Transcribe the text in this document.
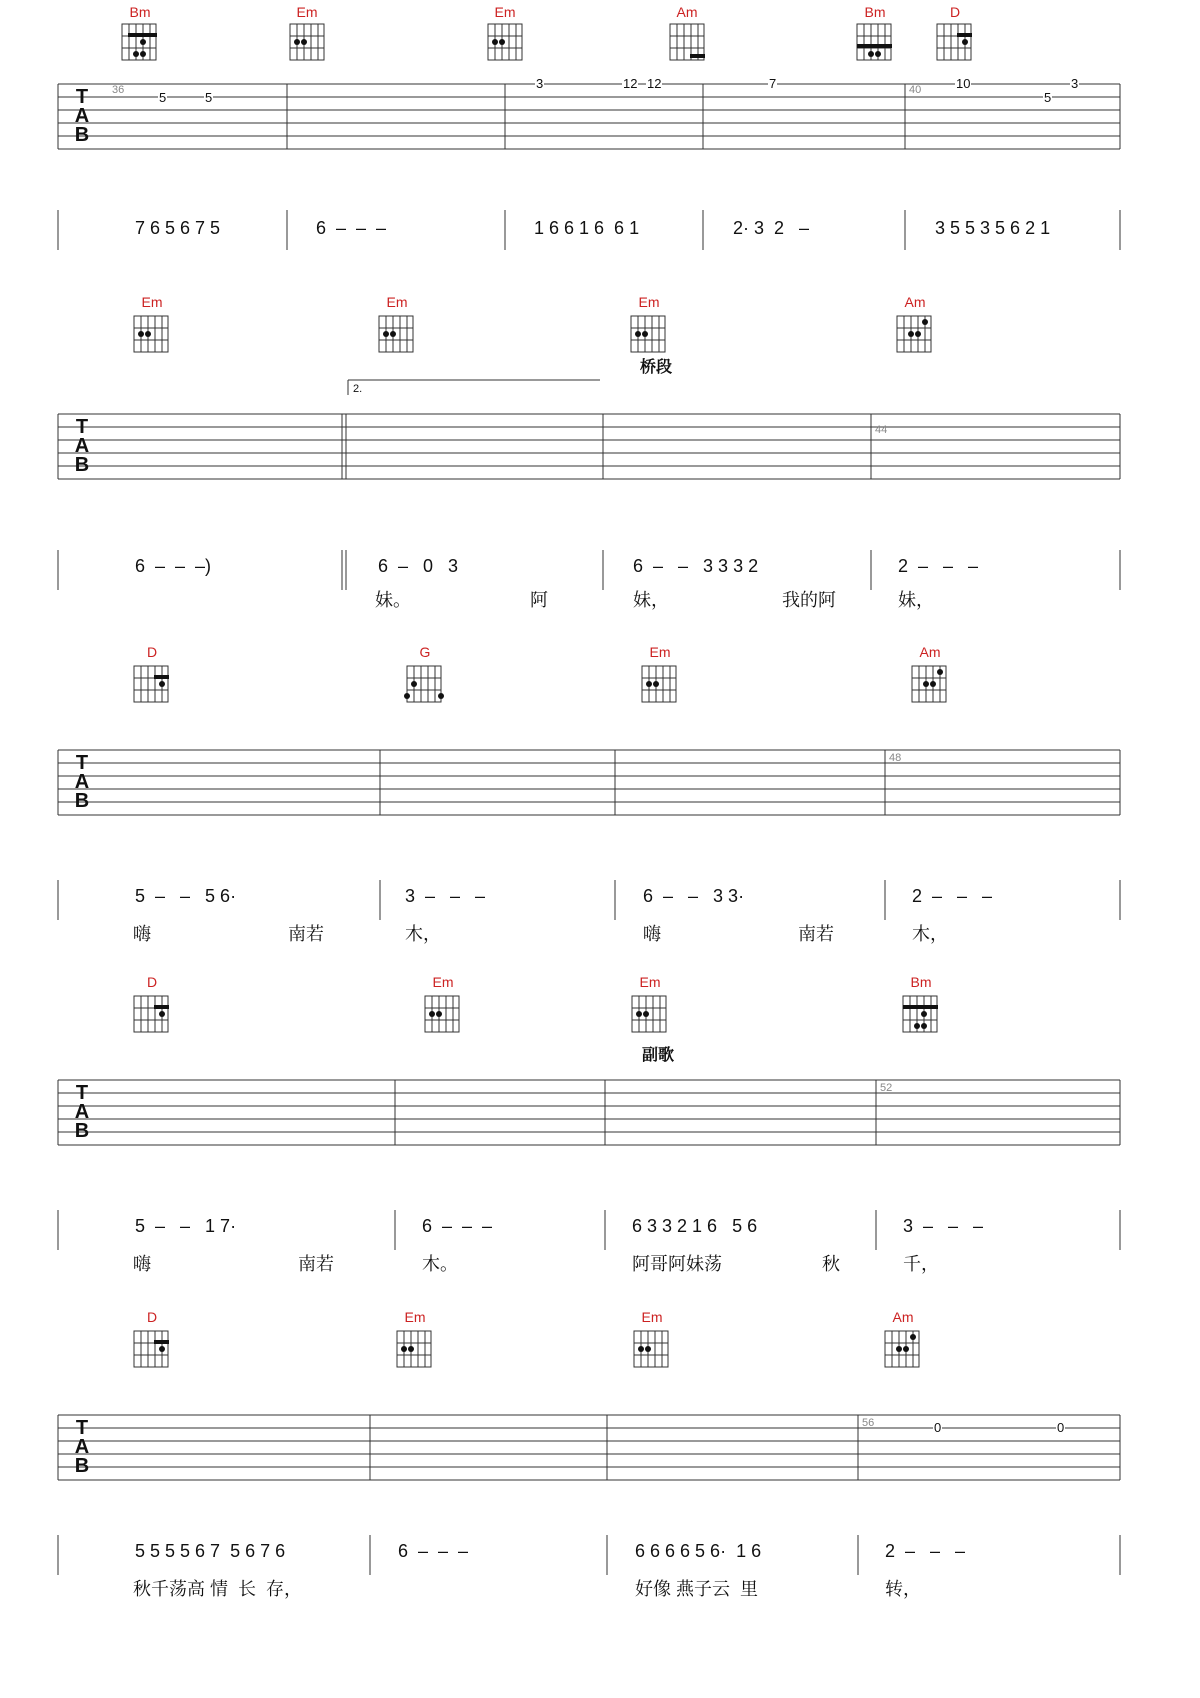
Bm	Em	Em	Am	Bm	D
T
A
B
36	40
5	5
3	12 12	7	10
5
3
7 6 5 6 7 5	6  –  –  –	1 6 6 1 6  6 1	2· 3  2   –	3 5 5 3 5 6 2 1
Em	Em	Em	Am
桥段
2.
T
A
B
44
6  –  –  –)	6  –   0   3	6  –   –   3 3 3 2	2  –   –   –
妹。	阿	妹，	我的阿	妹，
D	G	Em	Am
T
A
B
48
5  –   –   5 6·	3  –   –   –	6  –   –   3 3·	2  –   –   –
嗨	南若	木，	嗨	南若	木，
D	Em	Em	Bm
副歌
T
A
B
52
5  –   –   1 7·	6  –  –  –	6 3 3 2 1 6   5 6	3  –   –   –
嗨	南若	木。	阿哥阿妹荡	秋	千，
D	Em	Em	Am
T
A
B
56	0	0
5 5 5 5 6 7  5 6 7 6	6  –  –  –	6 6 6 6 5 6·  1 6	2  –   –   –
秋千荡高 情  长  存，	好像 燕子云  里	转，
